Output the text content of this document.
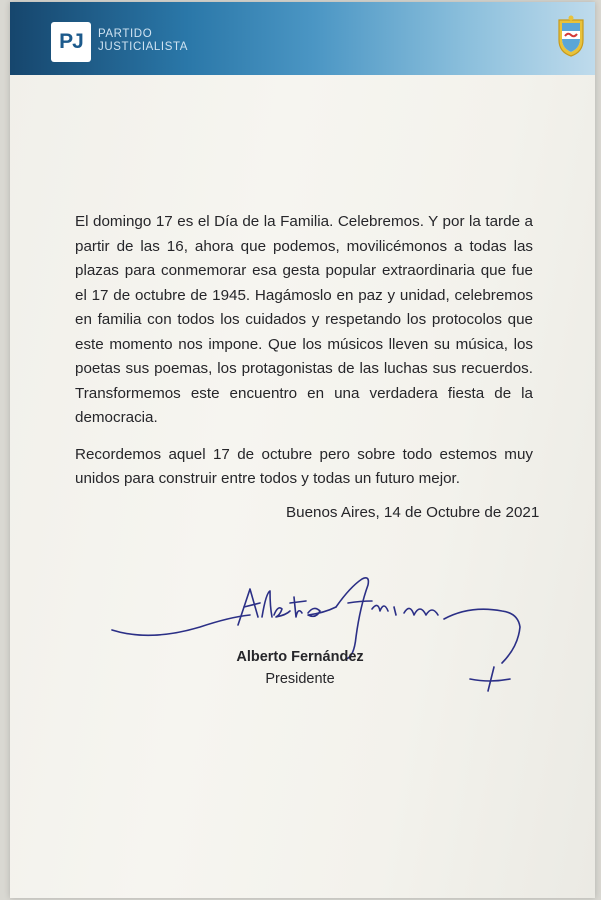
PJ PARTIDO
JUSTICIALISTA

El domingo 17 es el Día de la Familia. Celebremos. Y por la tarde a partir de las 16, ahora que podemos, movilicémonos a todas las plazas para conmemorar esa gesta popular extraordinaria que fue el 17 de octubre de 1945. Hagámoslo en paz y unidad, celebremos en familia con todos los cuidados y respetando los protocolos que este momento nos impone. Que los músicos lleven su música, los poetas sus poemas, los protagonistas de las luchas sus recuerdos. Transformemos este encuentro en una verdadera fiesta de la democracia.

Recordemos aquel 17 de octubre pero sobre todo estemos muy unidos para construir entre todos y todas un futuro mejor.

Buenos Aires, 14 de Octubre de 2021
Alberto Fernández
Presidente
